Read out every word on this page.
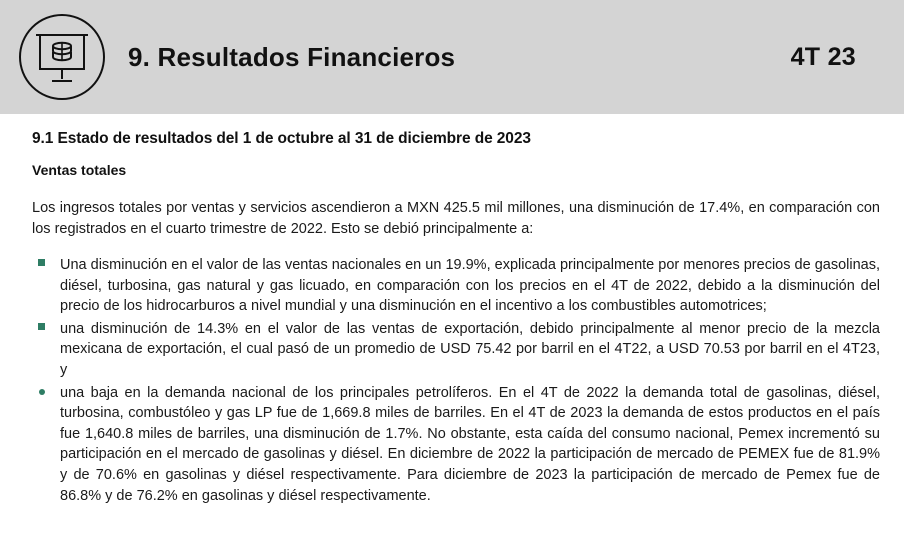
9. Resultados Financieros	4T 23
9.1 Estado de resultados del 1 de octubre al 31 de diciembre de 2023
Ventas totales

Los ingresos totales por ventas y servicios ascendieron a MXN 425.5 mil millones, una disminución de 17.4%, en comparación con los registrados en el cuarto trimestre de 2022. Esto se debió principalmente a:

Una disminución en el valor de las ventas nacionales en un 19.9%, explicada principalmente por menores precios de gasolinas, diésel, turbosina, gas natural y gas licuado, en comparación con los precios en el 4T de 2022, debido a la disminución del precio de los hidrocarburos a nivel mundial y una disminución en el incentivo a los combustibles automotrices;
una disminución de 14.3% en el valor de las ventas de exportación, debido principalmente al menor precio de la mezcla mexicana de exportación, el cual pasó de un promedio de USD 75.42 por barril en el 4T22, a USD 70.53 por barril en el 4T23, y
una baja en la demanda nacional de los principales petrolíferos. En el 4T de 2022 la demanda total de gasolinas, diésel, turbosina, combustóleo y gas LP fue de 1,669.8 miles de barriles. En el 4T de 2023 la demanda de estos productos en el país fue 1,640.8 miles de barriles, una disminución de 1.7%. No obstante, esta caída del consumo nacional, Pemex incrementó su participación en el mercado de gasolinas y diésel. En diciembre de 2022 la participación de mercado de PEMEX fue de 81.9% y de 70.6% en gasolinas y diésel respectivamente. Para diciembre de 2023 la participación de mercado de Pemex fue de 86.8% y de 76.2% en gasolinas y diésel respectivamente.
